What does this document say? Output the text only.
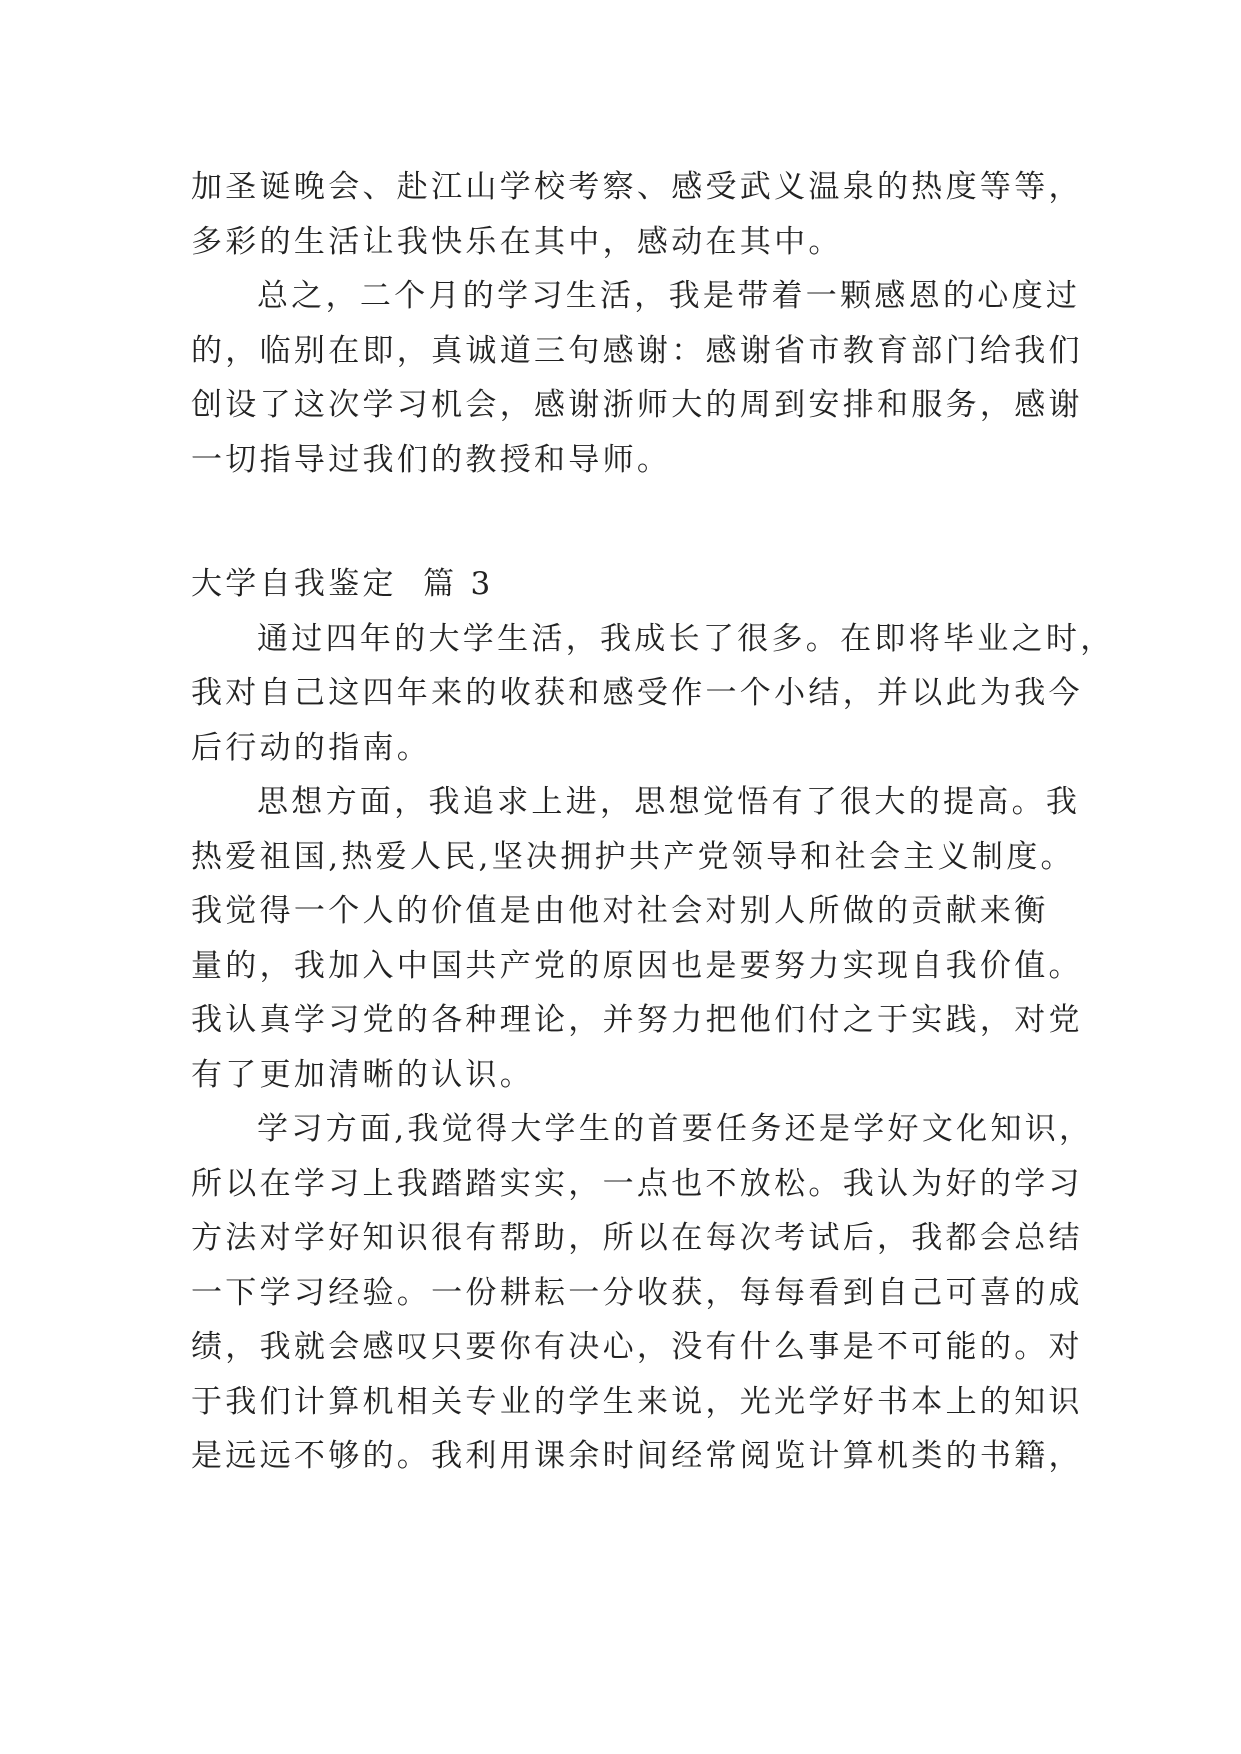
加圣诞晚会、赴江山学校考察、感受武义温泉的热度等等，
多彩的生活让我快乐在其中，感动在其中。
总之，二个月的学习生活，我是带着一颗感恩的心度过
的，临别在即，真诚道三句感谢：感谢省市教育部门给我们
创设了这次学习机会，感谢浙师大的周到安排和服务，感谢
一切指导过我们的教授和导师。
大学自我鉴定  篇 3
通过四年的大学生活，我成长了很多。在即将毕业之时，
我对自己这四年来的收获和感受作一个小结，并以此为我今
后行动的指南。
思想方面，我追求上进，思想觉悟有了很大的提高。我
热爱祖国,热爱人民,坚决拥护共产党领导和社会主义制度。
我觉得一个人的价值是由他对社会对别人所做的贡献来衡
量的，我加入中国共产党的原因也是要努力实现自我价值。
我认真学习党的各种理论，并努力把他们付之于实践，对党
有了更加清晰的认识。
学习方面,我觉得大学生的首要任务还是学好文化知识，
所以在学习上我踏踏实实，一点也不放松。我认为好的学习
方法对学好知识很有帮助，所以在每次考试后，我都会总结
一下学习经验。一份耕耘一分收获，每每看到自己可喜的成
绩，我就会感叹只要你有决心，没有什么事是不可能的。对
于我们计算机相关专业的学生来说，光光学好书本上的知识
是远远不够的。我利用课余时间经常阅览计算机类的书籍，
